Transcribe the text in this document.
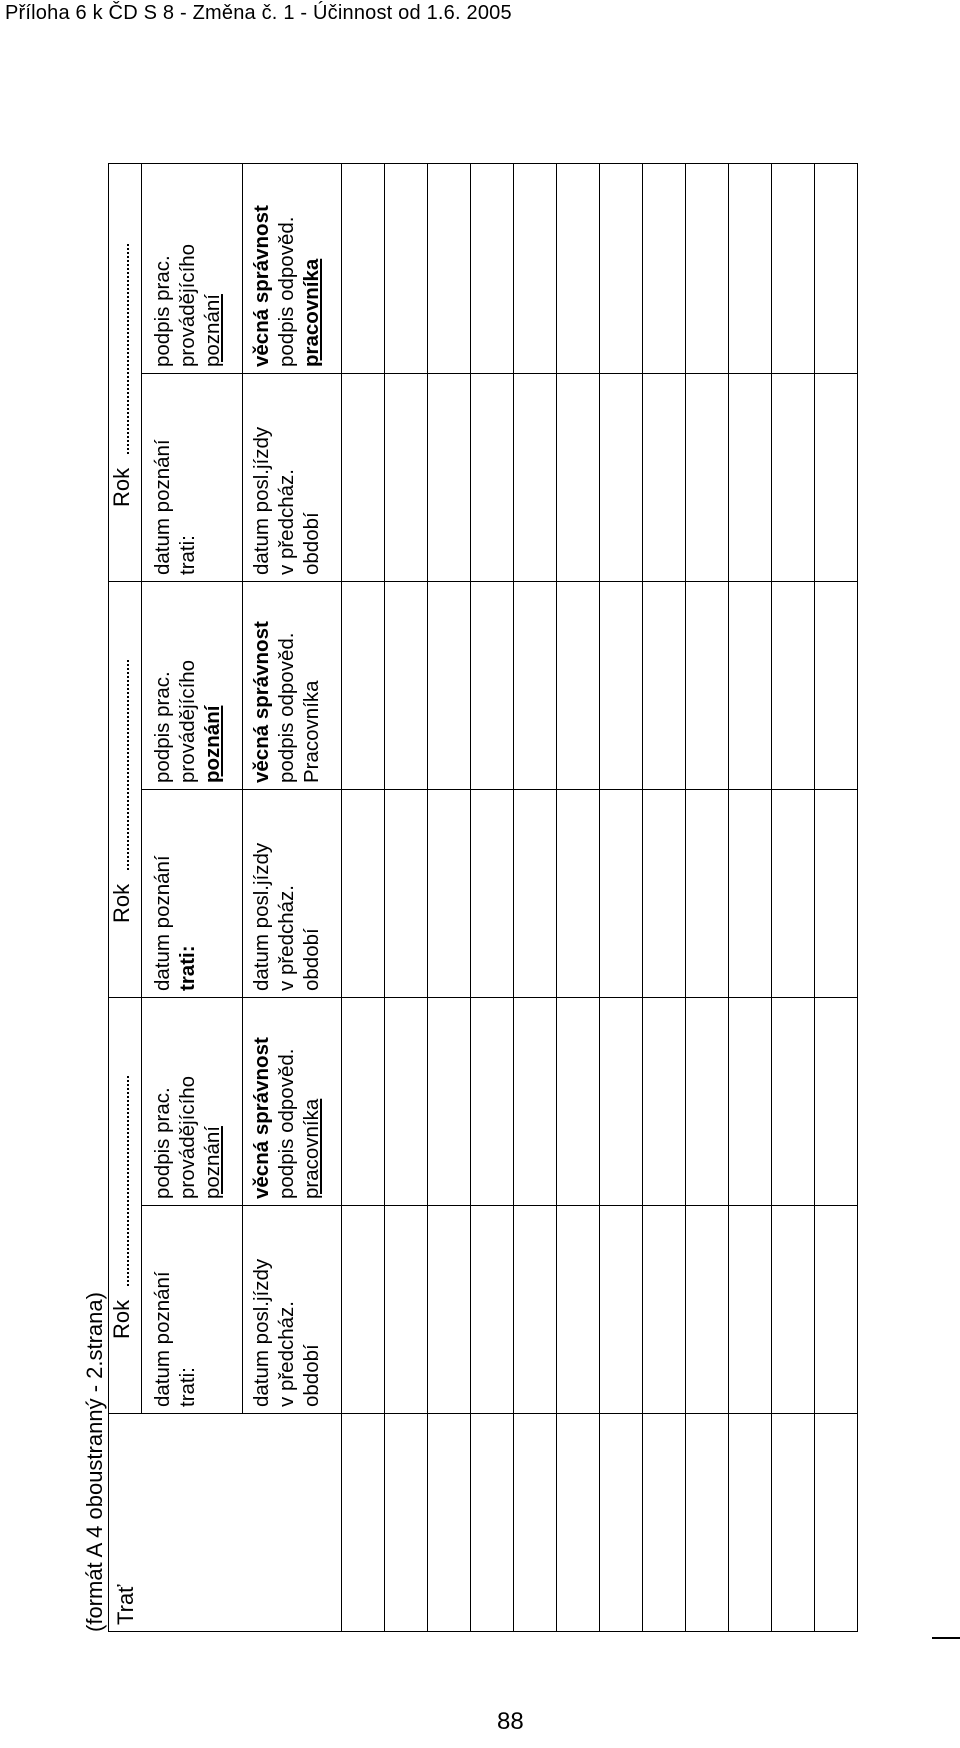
Příloha 6 k ČD S 8 - Změna č. 1 - Účinnost od 1.6. 2005
(formát A 4 oboustranný - 2.strana) Trať	Rok		Rok		Rok	

	datum poznání trati:	podpis prac. provádějícího poznání	datum poznání trati:	podpis prac. provádějícího poznání	datum poznání trati:	podpis prac. provádějícího poznání

	datum posl.jízdy v předcház. období	věcná správnost podpis odpověd. pracovníka	datum posl.jízdy v předcház. období	věcná správnost podpis odpověd. Pracovníka	datum posl.jízdy v předcház. období	věcná správnost podpis odpověd. pracovníka

88
